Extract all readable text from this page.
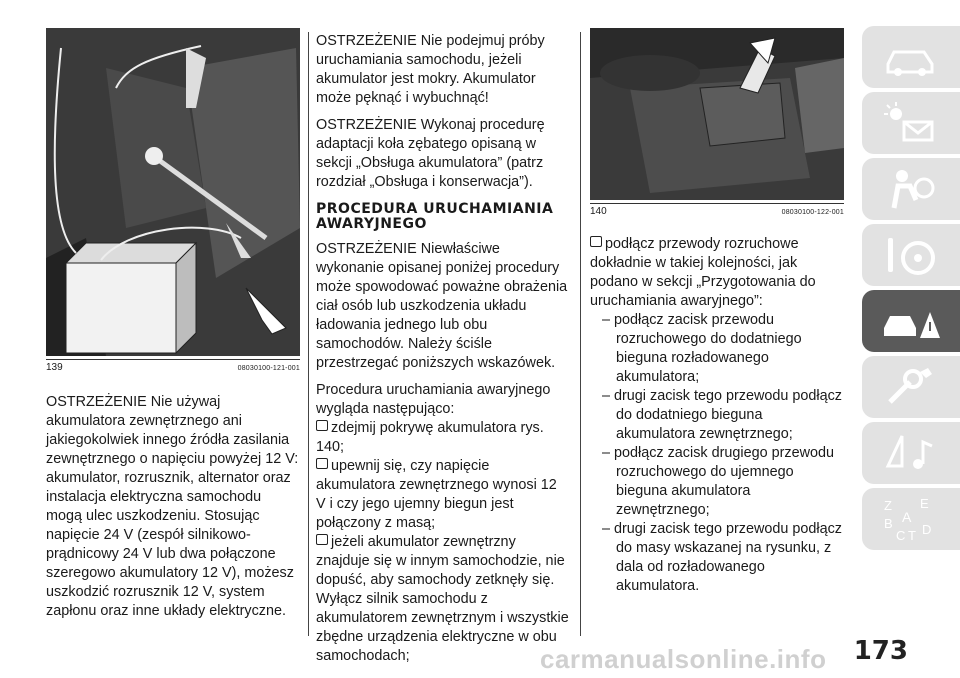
139	08030100-121-001

OSTRZEŻENIE Nie używaj akumulatora zewnętrznego ani jakiegokolwiek innego źródła zasilania zewnętrznego o napięciu powyżej 12 V: akumulator, rozrusznik, alternator oraz instalacja elektryczna samochodu mogą ulec uszkodzeniu. Stosując napięcie 24 V (zespół silnikowo-prądnicowy 24 V lub dwa połączone szeregowo akumulatory 12 V), możesz uszkodzić rozrusznik 12 V, system zapłonu oraz inne układy elektryczne.

OSTRZEŻENIE Nie podejmuj próby uruchamiania samochodu, jeżeli akumulator jest mokry. Akumulator może pęknąć i wybuchnąć!

OSTRZEŻENIE Wykonaj procedurę adaptacji koła zębatego opisaną w sekcji „Obsługa akumulatora” (patrz rozdział „Obsługa i konserwacja”).

PROCEDURA URUCHAMIANIA AWARYJNEGO

OSTRZEŻENIE Niewłaściwe wykonanie opisanej poniżej procedury może spowodować poważne obrażenia ciał osób lub uszkodzenia układu ładowania jednego lub obu samochodów. Należy ściśle przestrzegać poniższych wskazówek.

Procedura uruchamiania awaryjnego wygląda następująco:

zdejmij pokrywę akumulatora rys. 140;

upewnij się, czy napięcie akumulatora zewnętrznego wynosi 12 V i czy jego ujemny biegun jest połączony z masą;

jeżeli akumulator zewnętrzny znajduje się w innym samochodzie, nie dopuść, aby samochody zetknęły się. Wyłącz silnik samochodu z akumulatorem zewnętrznym i wszystkie zbędne urządzenia elektryczne w obu samochodach;

140	08030100-122-001

podłącz przewody rozruchowe dokładnie w takiej kolejności, jak podano w sekcji „Przygotowania do uruchamiania awaryjnego”:

– podłącz zacisk przewodu rozruchowego do dodatniego bieguna rozładowanego akumulatora;
– drugi zacisk tego przewodu podłącz do dodatniego bieguna akumulatora zewnętrznego;
– podłącz zacisk drugiego przewodu rozruchowego do ujemnego bieguna akumulatora zewnętrznego;
– drugi zacisk tego przewodu podłącz do masy wskazanej na rysunku, z dala od rozładowanego akumulatora.
Z E
A
B
C T D
173
carmanualsonline.info
